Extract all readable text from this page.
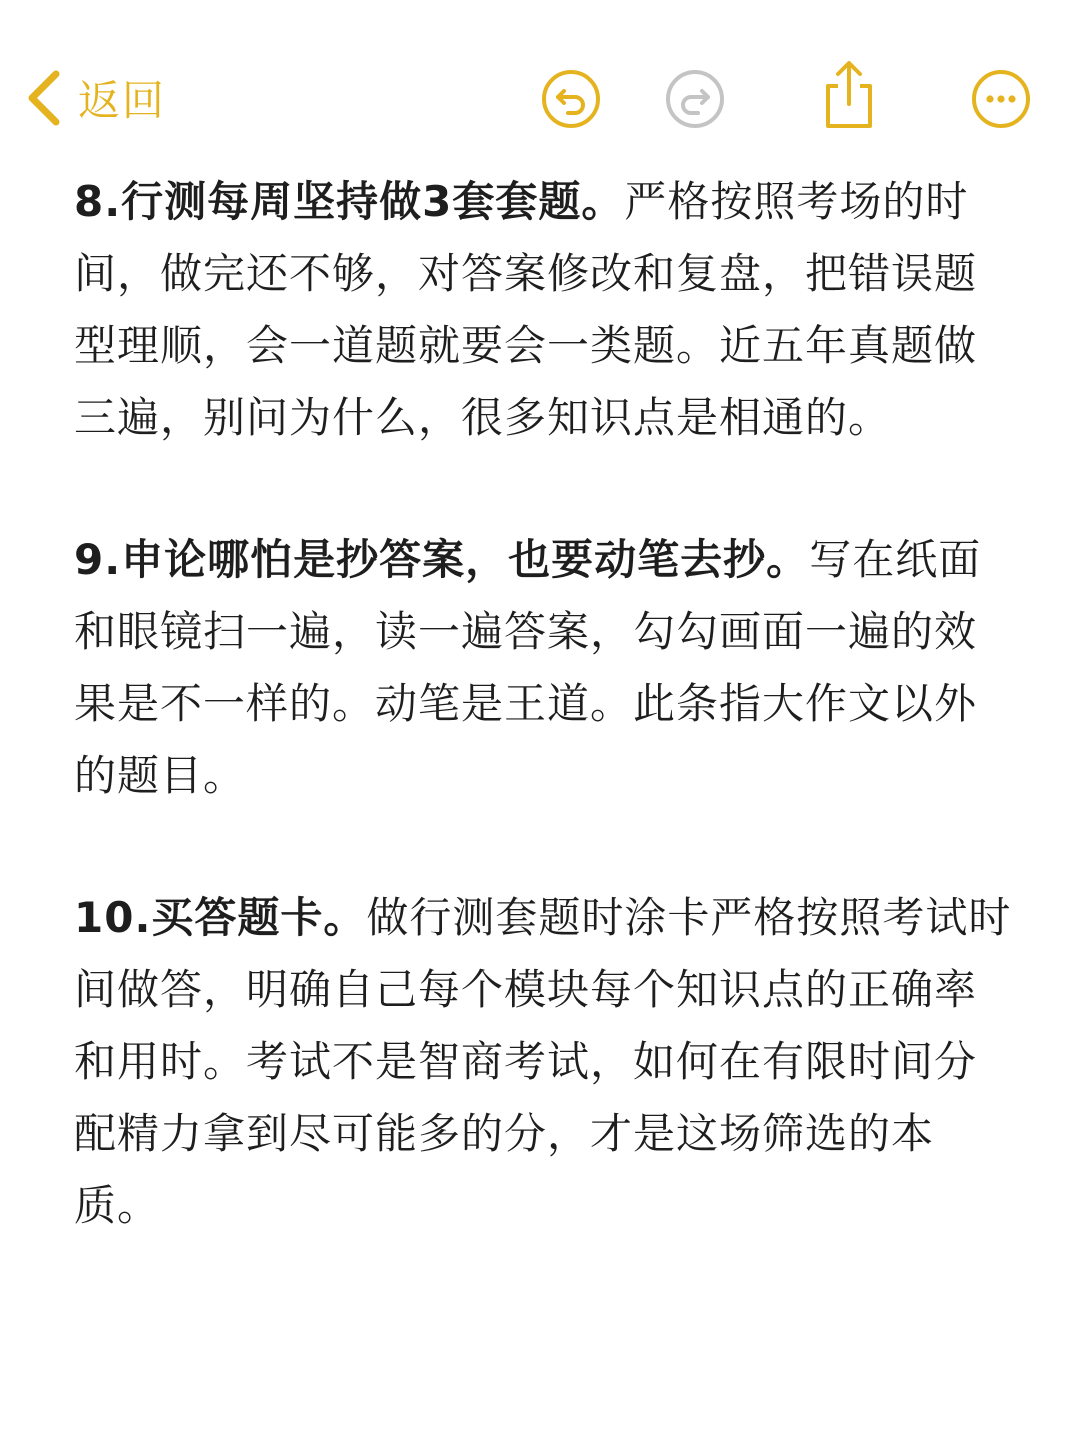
返回

8.行测每周坚持做3套套题。严格按照考场的时间，做完还不够，对答案修改和复盘，把错误题型理顺，会一道题就要会一类题。近五年真题做三遍，别问为什么，很多知识点是相通的。

9.申论哪怕是抄答案，也要动笔去抄。写在纸面和眼镜扫一遍，读一遍答案，勾勾画面一遍的效果是不一样的。动笔是王道。此条指大作文以外的题目。

10.买答题卡。做行测套题时涂卡严格按照考试时间做答，明确自己每个模块每个知识点的正确率和用时。考试不是智商考试，如何在有限时间分配精力拿到尽可能多的分，才是这场筛选的本质。
